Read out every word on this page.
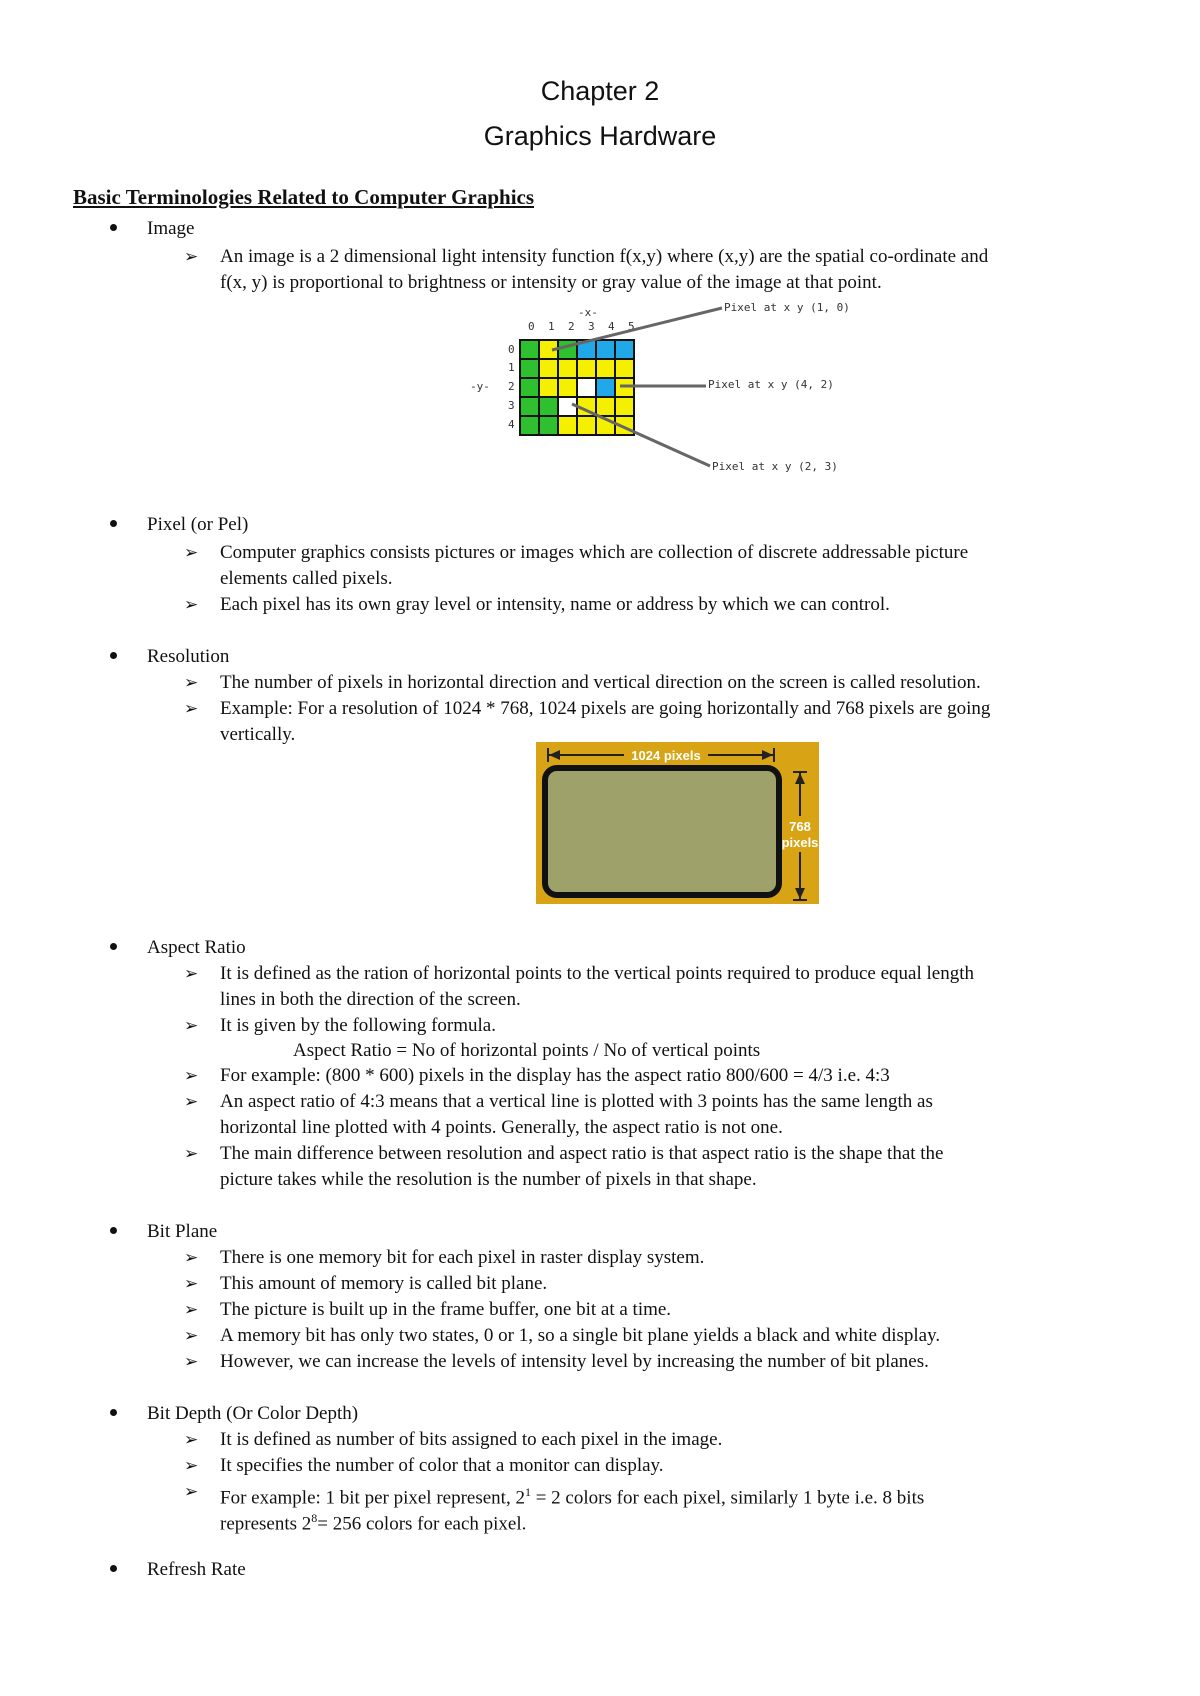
Chapter 2
Graphics Hardware
Basic Terminologies Related to Computer Graphics
Image
➢ An image is a 2 dimensional light intensity function f(x,y) where (x,y) are the spatial co-ordinate and
f(x, y) is proportional to brightness or intensity or gray value of the image at that point.
-x-
-y-
0 1 2 3 4 5
0
1
2
3
4
Pixel at x y (1, 0)
Pixel at x y (4, 2)
Pixel at x y (2, 3)
Pixel (or Pel)
➢ Computer graphics consists pictures or images which are collection of discrete addressable picture
elements called pixels.
➢ Each pixel has its own gray level or intensity, name or address by which we can control.
Resolution
➢ The number of pixels in horizontal direction and vertical direction on the screen is called resolution.
➢ Example: For a resolution of 1024 * 768, 1024 pixels are going horizontally and 768 pixels are going
vertically.
1024 pixels
768
pixels
Aspect Ratio
➢ It is defined as the ration of horizontal points to the vertical points required to produce equal length
lines in both the direction of the screen.
➢ It is given by the following formula.
Aspect Ratio = No of horizontal points / No of vertical points
➢ For example: (800 * 600) pixels in the display has the aspect ratio 800/600 = 4/3 i.e. 4:3
➢ An aspect ratio of 4:3 means that a vertical line is plotted with 3 points has the same length as
horizontal line plotted with 4 points. Generally, the aspect ratio is not one.
➢ The main difference between resolution and aspect ratio is that aspect ratio is the shape that the
picture takes while the resolution is the number of pixels in that shape.
Bit Plane
➢ There is one memory bit for each pixel in raster display system.
➢ This amount of memory is called bit plane.
➢ The picture is built up in the frame buffer, one bit at a time.
➢ A memory bit has only two states, 0 or 1, so a single bit plane yields a black and white display.
➢ However, we can increase the levels of intensity level by increasing the number of bit planes.
Bit Depth (Or Color Depth)
➢ It is defined as number of bits assigned to each pixel in the image.
➢ It specifies the number of color that a monitor can display.
➢ For example: 1 bit per pixel represent, $2^1 = 2$ colors for each pixel, similarly 1 byte i.e. 8 bits
represents $2^8= 256$ colors for each pixel.
Refresh Rate
